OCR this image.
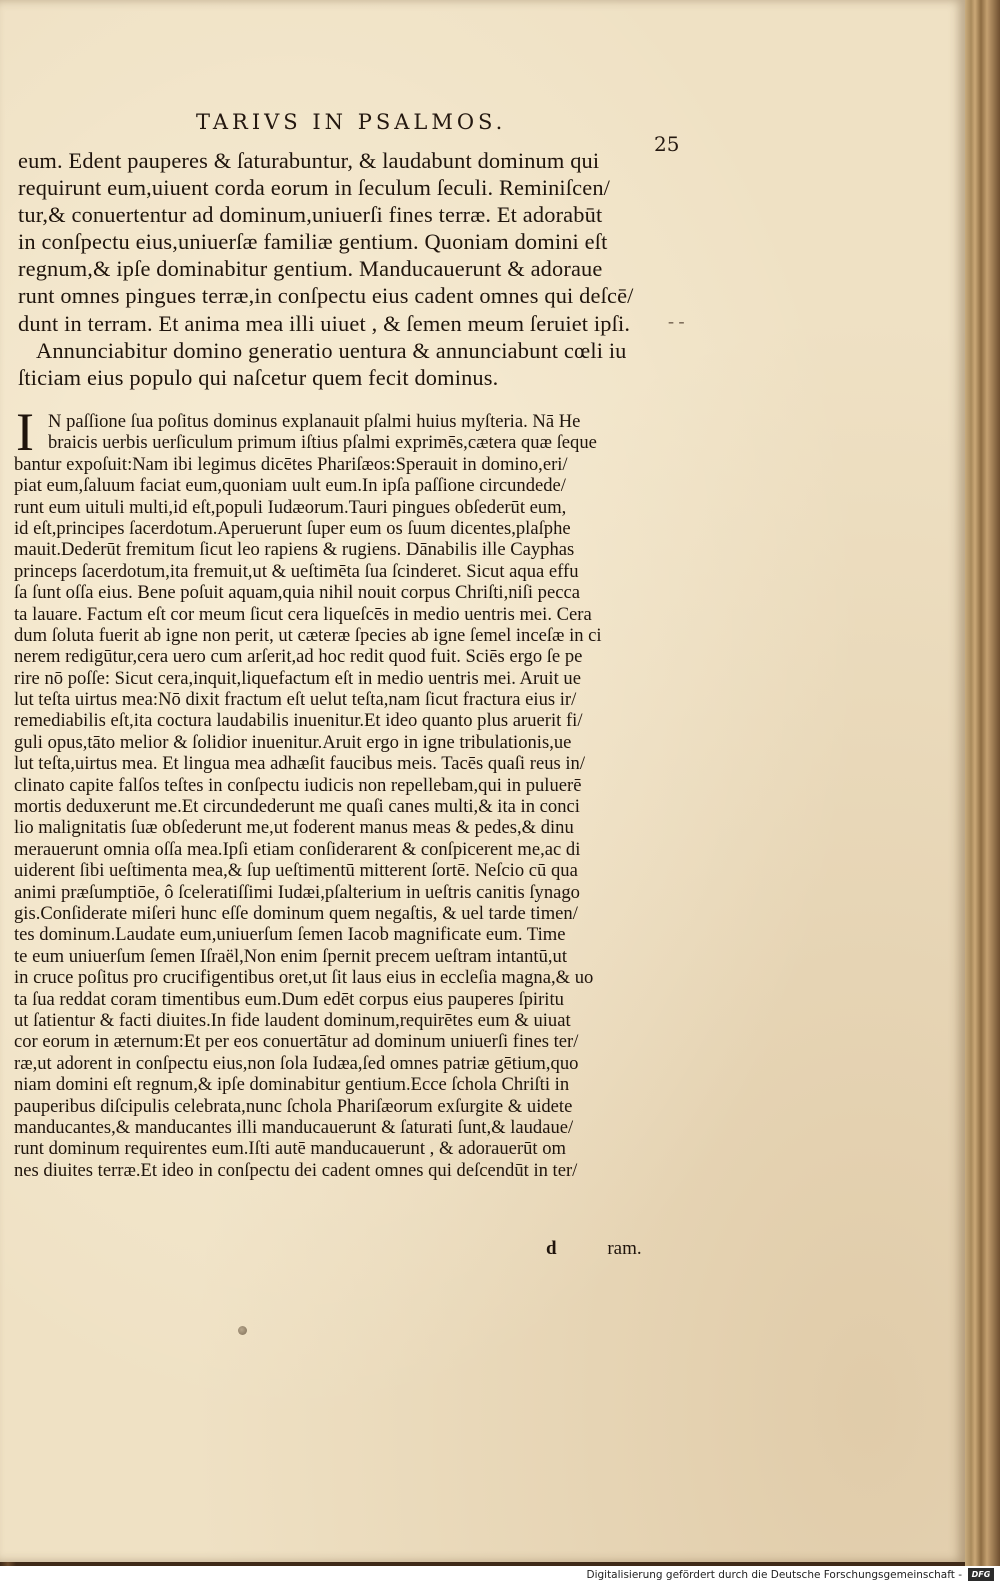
TARIVS IN PSALMOS.
25
eum. Edent pauperes & ſaturabuntur, & laudabunt dominum qui
requirunt eum,uiuent corda eorum in ſeculum ſeculi. Reminiſcen/
tur,& conuertentur ad dominum,uniuerſi fines terræ. Et adorabūt
in conſpectu eius,uniuerſæ familiæ gentium. Quoniam domini eſt
regnum,& ipſe dominabitur gentium. Manducauerunt & adoraue
runt omnes pingues terræ,in conſpectu eius cadent omnes qui deſcē/
dunt in terram. Et anima mea illi uiuet , & ſemen meum ſeruiet ipſi.
Annunciabitur domino generatio uentura & annunciabunt cœli iu
ſticiam eius populo qui naſcetur quem fecit dominus.
- -
I N paſſione ſua poſitus dominus explanauit pſalmi huius myſteria. Nā He
braicis uerbis uerſiculum primum iſtius pſalmi exprimēs,cætera quæ ſeque
bantur expoſuit:Nam ibi legimus dicētes Phariſæos:Sperauit in domino,eri/
piat eum,ſaluum faciat eum,quoniam uult eum.In ipſa paſſione circundede/
runt eum uituli multi,id eſt,populi Iudæorum.Tauri pingues obſederūt eum,
id eſt,principes ſacerdotum.Aperuerunt ſuper eum os ſuum dicentes,plaſphe
mauit.Dederūt fremitum ſicut leo rapiens & rugiens. Dānabilis ille Cayphas
princeps ſacerdotum,ita fremuit,ut & ueſtimēta ſua ſcinderet. Sicut aqua effu
ſa ſunt oſſa eius. Bene poſuit aquam,quia nihil nouit corpus Chriſti,niſi pecca
ta lauare. Factum eſt cor meum ſicut cera liqueſcēs in medio uentris mei. Cera
dum ſoluta fuerit ab igne non perit, ut cæteræ ſpecies ab igne ſemel inceſæ in ci
nerem redigūtur,cera uero cum arſerit,ad hoc redit quod fuit. Sciēs ergo ſe pe
rire nō poſſe: Sicut cera,inquit,liquefactum eſt in medio uentris mei. Aruit ue
lut teſta uirtus mea:Nō dixit fractum eſt uelut teſta,nam ſicut fractura eius ir/
remediabilis eſt,ita coctura laudabilis inuenitur.Et ideo quanto plus aruerit fi/
guli opus,tāto melior & ſolidior inuenitur.Aruit ergo in igne tribulationis,ue
lut teſta,uirtus mea. Et lingua mea adhæſit faucibus meis. Tacēs quaſi reus in/
clinato capite falſos teſtes in conſpectu iudicis non repellebam,qui in puluerē
mortis deduxerunt me.Et circundederunt me quaſi canes multi,& ita in conci
lio malignitatis ſuæ obſederunt me,ut foderent manus meas & pedes,& dinu
merauerunt omnia oſſa mea.Ipſi etiam conſiderarent & conſpicerent me,ac di
uiderent ſibi ueſtimenta mea,& ſup ueſtimentū mitterent ſortē. Neſcio cū qua
animi præſumptiōe, ô ſceleratiſſimi Iudæi,pſalterium in ueſtris canitis ſynago
gis.Conſiderate miſeri hunc eſſe dominum quem negaſtis, & uel tarde timen/
tes dominum.Laudate eum,uniuerſum ſemen Iacob magnificate eum. Time
te eum uniuerſum ſemen Iſraël,Non enim ſpernit precem ueſtram intantū,ut
in cruce poſitus pro crucifigentibus oret,ut ſit laus eius in eccleſia magna,& uo
ta ſua reddat coram timentibus eum.Dum edēt corpus eius pauperes ſpiritu
ut ſatientur & facti diuites.In fide laudent dominum,requirētes eum & uiuat
cor eorum in æternum:Et per eos conuertātur ad dominum uniuerſi fines ter/
ræ,ut adorent in conſpectu eius,non ſola Iudæa,ſed omnes patriæ gētium,quo
niam domini eſt regnum,& ipſe dominabitur gentium.Ecce ſchola Chriſti in
pauperibus diſcipulis celebrata,nunc ſchola Phariſæorum exſurgite & uidete
manducantes,& manducantes illi manducauerunt & ſaturati ſunt,& laudaue/
runt dominum requirentes eum.Iſti autē manducauerunt , & adorauerūt om
nes diuites terræ.Et ideo in conſpectu dei cadent omnes qui deſcendūt in ter/
d	ram.
Digitalisierung gefördert durch die Deutsche Forschungsgemeinschaft -	DFG
